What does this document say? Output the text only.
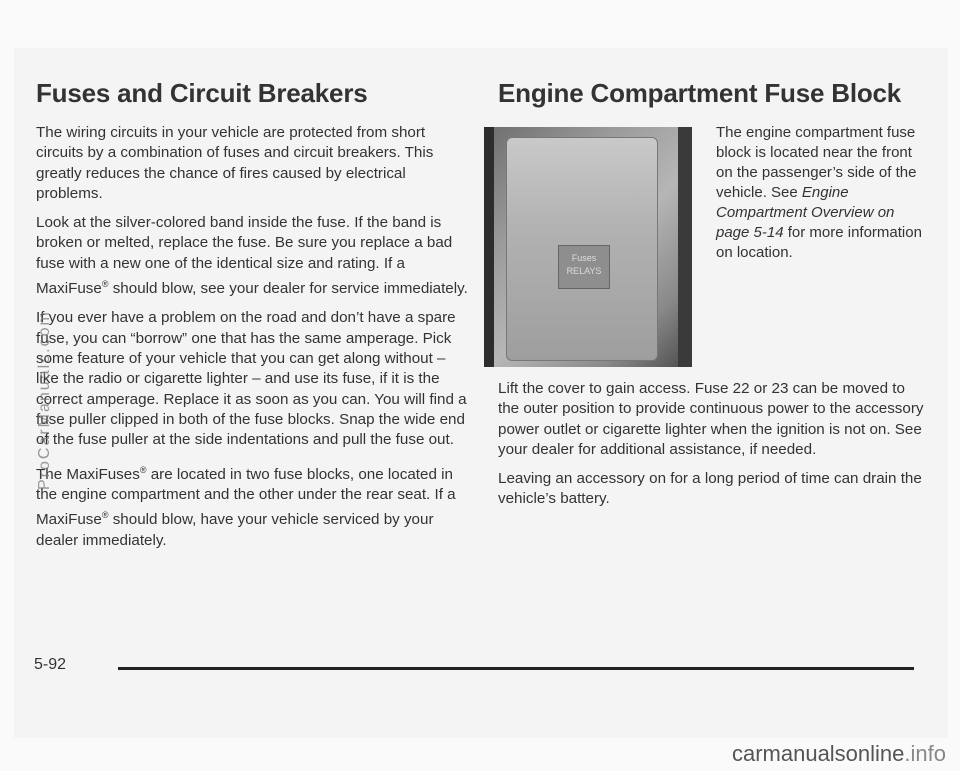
Fuses and Circuit Breakers

The wiring circuits in your vehicle are protected from short circuits by a combination of fuses and circuit breakers. This greatly reduces the chance of fires caused by electrical problems.

Look at the silver-colored band inside the fuse. If the band is broken or melted, replace the fuse. Be sure you replace a bad fuse with a new one of the identical size and rating. If a MaxiFuse® should blow, see your dealer for service immediately.

If you ever have a problem on the road and don’t have a spare fuse, you can “borrow” one that has the same amperage. Pick some feature of your vehicle that you can get along without – like the radio or cigarette lighter – and use its fuse, if it is the correct amperage. Replace it as soon as you can. You will find a fuse puller clipped in both of the fuse blocks. Snap the wide end of the fuse puller at the side indentations and pull the fuse out.

The MaxiFuses® are located in two fuse blocks, one located in the engine compartment and the other under the rear seat. If a MaxiFuse® should blow, have your vehicle serviced by your dealer immediately.

Engine Compartment Fuse Block
Fuses RELAYS

The engine compartment fuse block is located near the front on the passenger’s side of the vehicle. See Engine Compartment Overview on page 5-14 for more information on location.

Lift the cover to gain access. Fuse 22 or 23 can be moved to the outer position to provide continuous power to the accessory power outlet or cigarette lighter when the ignition is not on. See your dealer for additional assistance, if needed.

Leaving an accessory on for a long period of time can drain the vehicle’s battery.

ProCarManuals.com
5-92
carmanualsonline.info
